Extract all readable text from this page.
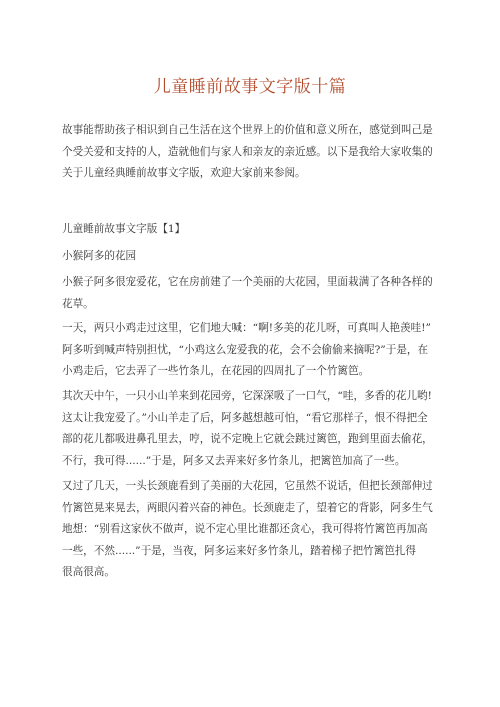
儿童睡前故事文字版十篇

故事能帮助孩子相识到自己生活在这个世界上的价值和意义所在，感觉到叫己是
个受关爱和支持的人，造就他们与家人和亲友的亲近感。以下是我给大家收集的
关于儿童经典睡前故事文字版，欢迎大家前来参阅。

儿童睡前故事文字版【1】

小猴阿多的花园

小猴子阿多很宠爱花，它在房前建了一个美丽的大花园，里面栽满了各种各样的
花草。

一天，两只小鸡走过这里，它们地大喊：“啊!多美的花儿呀，可真叫人艳羡哇!”
阿多听到喊声特别担忧，“小鸡这么宠爱我的花，会不会偷偷来摘呢?”于是，在
小鸡走后，它去弄了一些竹条儿，在花园的四周扎了一个竹篱笆。

其次天中午，一只小山羊来到花园旁，它深深吸了一口气，“哇，多香的花儿哟!
这太让我宠爱了。”小山羊走了后，阿多越想越可怕，“看它那样子，恨不得把全
部的花儿都吸进鼻孔里去，哼，说不定晚上它就会跳过篱笆，跑到里面去偷花，
不行，我可得......”于是，阿多又去弄来好多竹条儿，把篱笆加高了一些。

又过了几天，一头长颈鹿看到了美丽的大花园，它虽然不说话，但把长颈部伸过
竹篱笆晃来晃去，两眼闪着兴奋的神色。长颈鹿走了，望着它的背影，阿多生气
地想：“别看这家伙不做声，说不定心里比谁都还贪心，我可得将竹篱笆再加高
一些，不然......”于是，当夜，阿多运来好多竹条儿，踏着梯子把竹篱笆扎得
很高很高。
